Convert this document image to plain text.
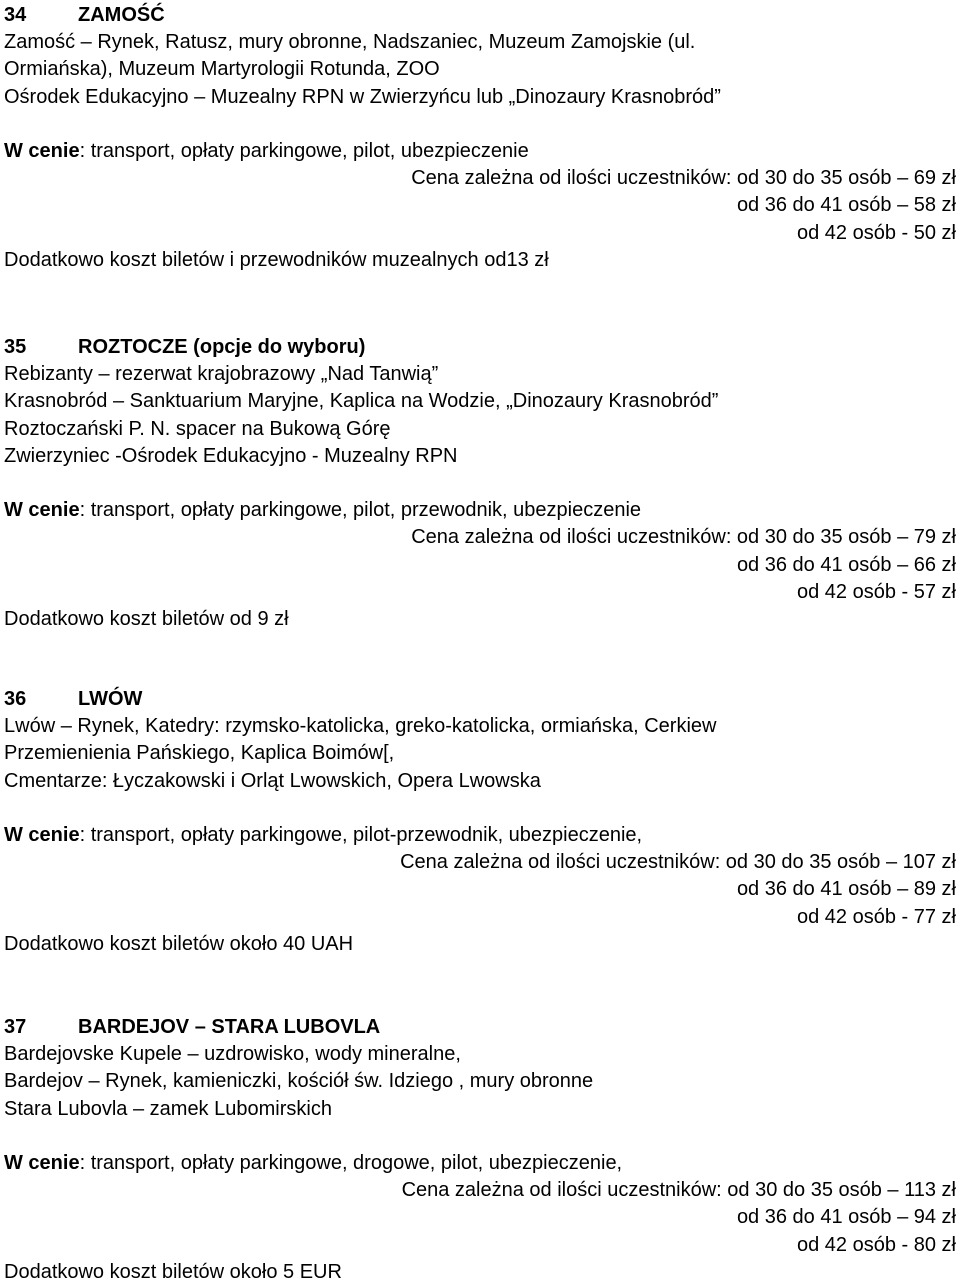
34	ZAMOŚĆ
Zamość – Rynek, Ratusz, mury obronne, Nadszaniec, Muzeum Zamojskie (ul.
Ormiańska), Muzeum Martyrologii Rotunda, ZOO
Ośrodek Edukacyjno – Muzealny RPN w Zwierzyńcu lub „Dinozaury Krasnobród”
W cenie: transport, opłaty parkingowe, pilot, ubezpieczenie
Cena zależna od ilości uczestników: od 30 do 35 osób – 69 zł
od 36 do 41 osób – 58 zł
od 42 osób - 50 zł
Dodatkowo koszt biletów i przewodników muzealnych od13 zł
35	ROZTOCZE (opcje do wyboru)
Rebizanty – rezerwat krajobrazowy „Nad Tanwią”
Krasnobród – Sanktuarium Maryjne, Kaplica na Wodzie, „Dinozaury Krasnobród”
Roztoczański P. N. spacer na Bukową Górę
Zwierzyniec -Ośrodek Edukacyjno - Muzealny RPN
W cenie: transport, opłaty parkingowe, pilot, przewodnik, ubezpieczenie
Cena zależna od ilości uczestników: od 30 do 35 osób – 79 zł
od 36 do 41 osób – 66 zł
od 42 osób - 57 zł
Dodatkowo koszt biletów od 9 zł
36	LWÓW
Lwów – Rynek, Katedry: rzymsko-katolicka, greko-katolicka, ormiańska, Cerkiew
Przemienienia Pańskiego, Kaplica Boimów[,
Cmentarze: Łyczakowski i Orląt Lwowskich, Opera Lwowska
W cenie: transport, opłaty parkingowe, pilot-przewodnik, ubezpieczenie,
Cena zależna od ilości uczestników: od 30 do 35 osób – 107 zł
od 36 do 41 osób – 89 zł
od 42 osób - 77 zł
Dodatkowo koszt biletów około 40 UAH
37	BARDEJOV – STARA LUBOVLA
Bardejovske Kupele – uzdrowisko, wody mineralne,
Bardejov – Rynek, kamieniczki, kościół św. Idziego , mury obronne
Stara Lubovla – zamek Lubomirskich
W cenie: transport, opłaty parkingowe, drogowe, pilot, ubezpieczenie,
Cena zależna od ilości uczestników: od 30 do 35 osób – 113 zł
od 36 do 41 osób – 94 zł
od 42 osób - 80 zł
Dodatkowo koszt biletów około 5 EUR
